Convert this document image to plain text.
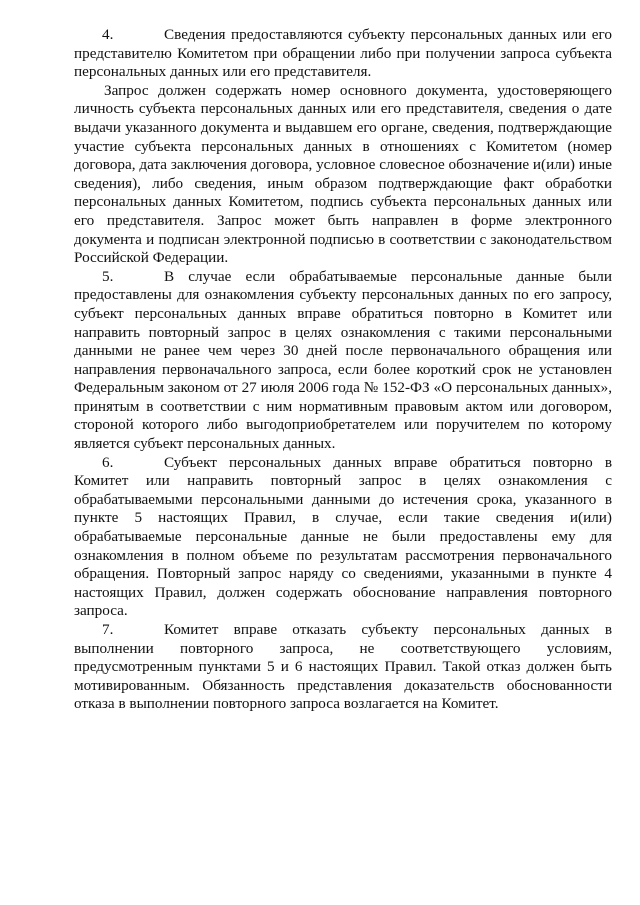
4.	Сведения предоставляются субъекту персональных данных или его представителю Комитетом при обращении либо при получении запроса субъекта персональных данных или его представителя.

Запрос должен содержать номер основного документа, удостоверяющего личность субъекта персональных данных или его представителя, сведения о дате выдачи указанного документа и выдавшем его органе, сведения, подтверждающие участие субъекта персональных данных в отношениях с Комитетом (номер договора, дата заключения договора, условное словесное обозначение и(или) иные сведения), либо сведения, иным образом подтверждающие факт обработки персональных данных Комитетом, подпись субъекта персональных данных или его представителя. Запрос может быть направлен в форме электронного документа и подписан электронной подписью в соответствии с законодательством Российской Федерации.

5.	В случае если обрабатываемые персональные данные были предоставлены для ознакомления субъекту персональных данных по его запросу, субъект персональных данных вправе обратиться повторно в Комитет или направить повторный запрос в целях ознакомления с такими персональными данными не ранее чем через 30 дней после первоначального обращения или направления первоначального запроса, если более короткий срок не установлен Федеральным законом от 27 июля 2006 года № 152-ФЗ «О персональных данных», принятым в соответствии с ним нормативным правовым актом или договором, стороной которого либо выгодоприобретателем или поручителем по которому является субъект персональных данных.

6.	Субъект персональных данных вправе обратиться повторно в Комитет или направить повторный запрос в целях ознакомления с обрабатываемыми персональными данными до истечения срока, указанного в пункте 5 настоящих Правил, в случае, если такие сведения и(или) обрабатываемые персональные данные не были предоставлены ему для ознакомления в полном объеме по результатам рассмотрения первоначального обращения. Повторный запрос наряду со сведениями, указанными в пункте 4 настоящих Правил, должен содержать обоснование направления повторного запроса.

7.	Комитет вправе отказать субъекту персональных данных в выполнении повторного запроса, не соответствующего условиям, предусмотренным пунктами 5 и 6 настоящих Правил. Такой отказ должен быть мотивированным. Обязанность представления доказательств обоснованности отказа в выполнении повторного запроса возлагается на Комитет.
